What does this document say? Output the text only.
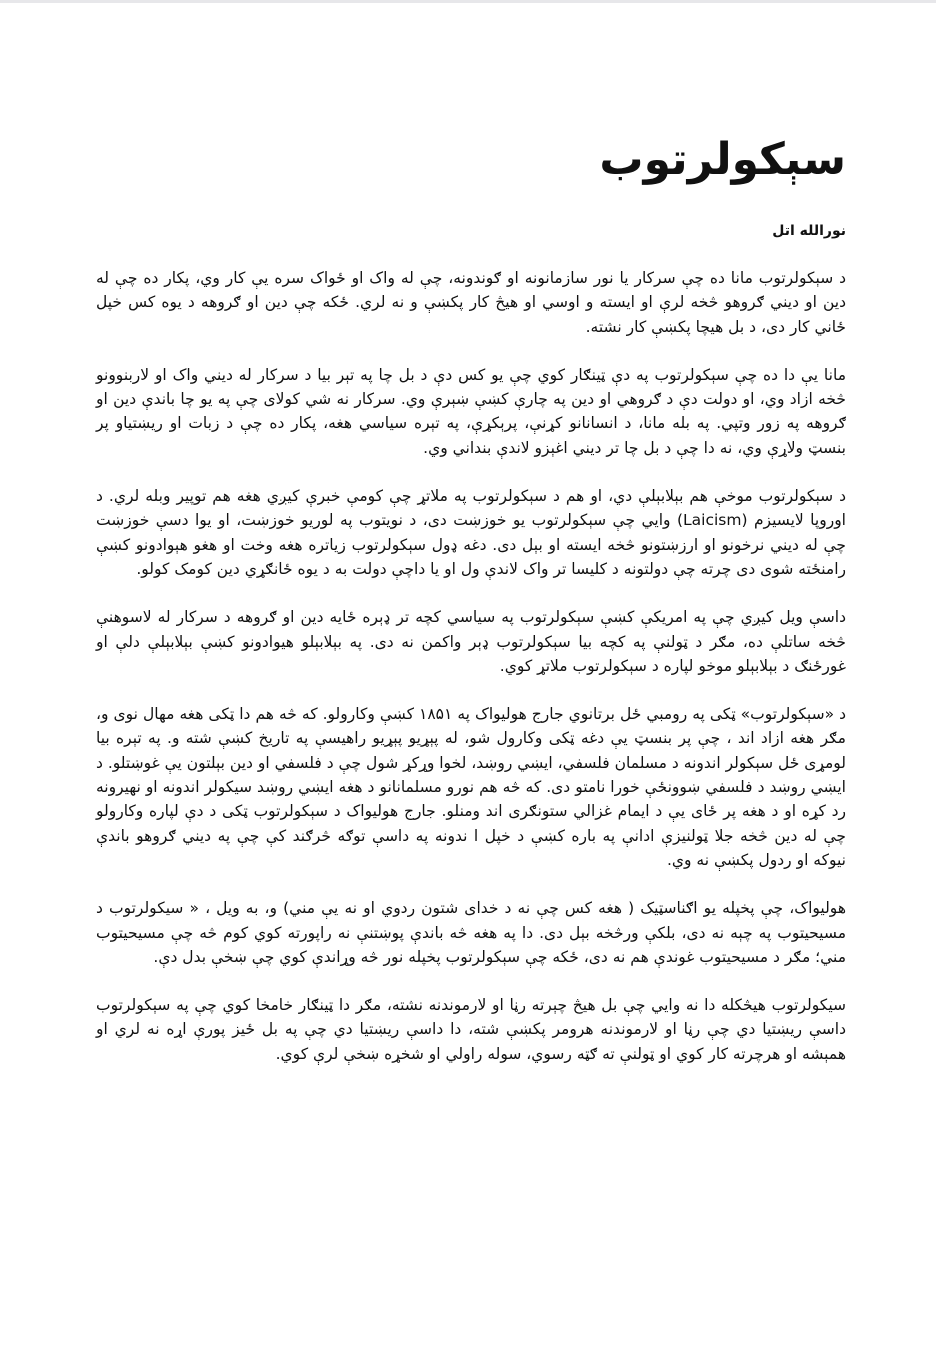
سېکولرتوب
نورالله اتل

د سېکولرتوب مانا ده چې سرکار یا نور سازمانونه او ګوندونه، چې له واک او ځواک سره یې کار وي، پکار ده چې له دين او ديني ګروهو څخه لرې او ايسته و اوسي او هيڅ کار پکښې و نه لري. ځکه چې دین او ګروهه د يوه کس خپل ځاني کار دی، د بل هيچا پکښې کار نشته.

مانا يې دا ده چې سېکولرتوب په دې ټينګار کوي چې يو کس دې د بل چا په تېر بيا د سرکار له ديني واک او لاربنوونو څخه ازاد وي، او دولت دې د ګروهي او دين په چارې کښې ښېرې وي. سرکار نه شي کولای چې په يو چا باندې دين او ګروهه په زور وتپي. په بله مانا، د انسانانو کړنې، پرېکړې، په تېره سیاسي هغه، پکار ده چې د زبات او ريښتياو پر بنسټ ولاړې وي، نه دا چې د بل چا تر ديني اغېزو لاندې بنداني وي.

د سېکولرتوب موخې هم بېلابېلې دي، او هم د سېکولرتوب په ملاتړ چې کومې خبرې کيږي هغه هم توپير وبله لري. د اوروپا لايسيزم (Laicism) وايي چې سېکولرتوب يو خوزښت دی، د نويتوب په لوريو خوزښت، او يوا دسې خوزښت چې له ديني نرخونو او ارزښتونو څخه ايسته او بېل دی. دغه ډول سېکولرتوب زياتره هغه وخت او هغو هېوادونو کښې رامنځته شوی دی چرته چې دولتونه د کليسا تر واک لاندې ول او يا داچې دولت به د يوه ځانګړي دين کومک کولو.

داسې ويل کيږي چې په امريکې کښې سېکولرتوب په سياسي کچه تر ډېره ځايه دين او ګروهه د سرکار له لاسوهنې څخه ساتلې ده، مګر د ټولنې په کچه بيا سېکولرتوب ډېر واکمن نه دی. په بېلابېلو هيوادونو کښې بېلابېلې دلې او غورځنګ د بېلابېلو موخو لپاره د سېکولرتوب ملاتړ کوي.

د «سېکولرتوب» ټکی په رومبي ځل برتانوي جارج هوليواک په ۱۸۵۱ کښې وکارولو. که څه هم دا ټکی هغه مهال نوی و، مګر هغه ازاد اند ، چې پر بنسټ يې دغه ټکی وکارول شو، له پېړيو پېړيو راهيسې په تاريخ کښې شته و. په تېره بيا لومړی ځل سېکولر اندونه د مسلمان فلسفي، ايښي روښد، لخوا وړکړ شول چې د فلسفي او دين بېلتون يې غوښتلو. د ايښي روښد د فلسفي ښوونځې خورا نامتو دی. که څه هم نورو مسلمانانو د هغه ايښي روښد سيکولر اندونه او نهيرونه رد کړه او د هغه پر ځای يې د ايمام غزالي ستونګری اند ومنلو. جارج هوليواک د سېکولرتوب ټکی د دې لپاره وکارولو چې له دين څخه جلا ټولنيزې ادانې په باره کښې د خپل ا ندونه په داسې توګه څرګند کې چې په ديني ګروهو باندې نيوکه او ردول پکښې نه وي.

هوليواک، چې پخپله يو اګناسټيک ( هغه کس چې نه د خدای شتون ردوي او نه يې مني) و، به ويل ، « سيکولرتوب د مسيحيتوب په چېه نه دی، بلکې ورڅخه بېل دی. دا په هغه څه باندې پوښتنې نه راپورته کوي کوم څه چې مسيحيتوب مني؛ مګر د مسيحيتوب غوندې هم نه دی، ځکه چې سېکولرتوب پخپله نور څه وړاندې کوي چې ښخې بدل دې.

سيکولرتوب هيڅکله دا نه وايي چې بل هيڅ چېرته رڼا او لارموندنه نشته، مګر دا ټينګار خامخا کوي چې په سېکولرتوب داسې ريښتيا دي چې رڼا او لارموندنه هرومر پکښې شته، دا داسې ريښتيا دي چې په بل ځيز پورې اړه نه لري او همېشه او هرچرته کار کوي او ټولنې ته ګټه رسوي، سوله راولي او شخړه ښخې لرې کوي.
